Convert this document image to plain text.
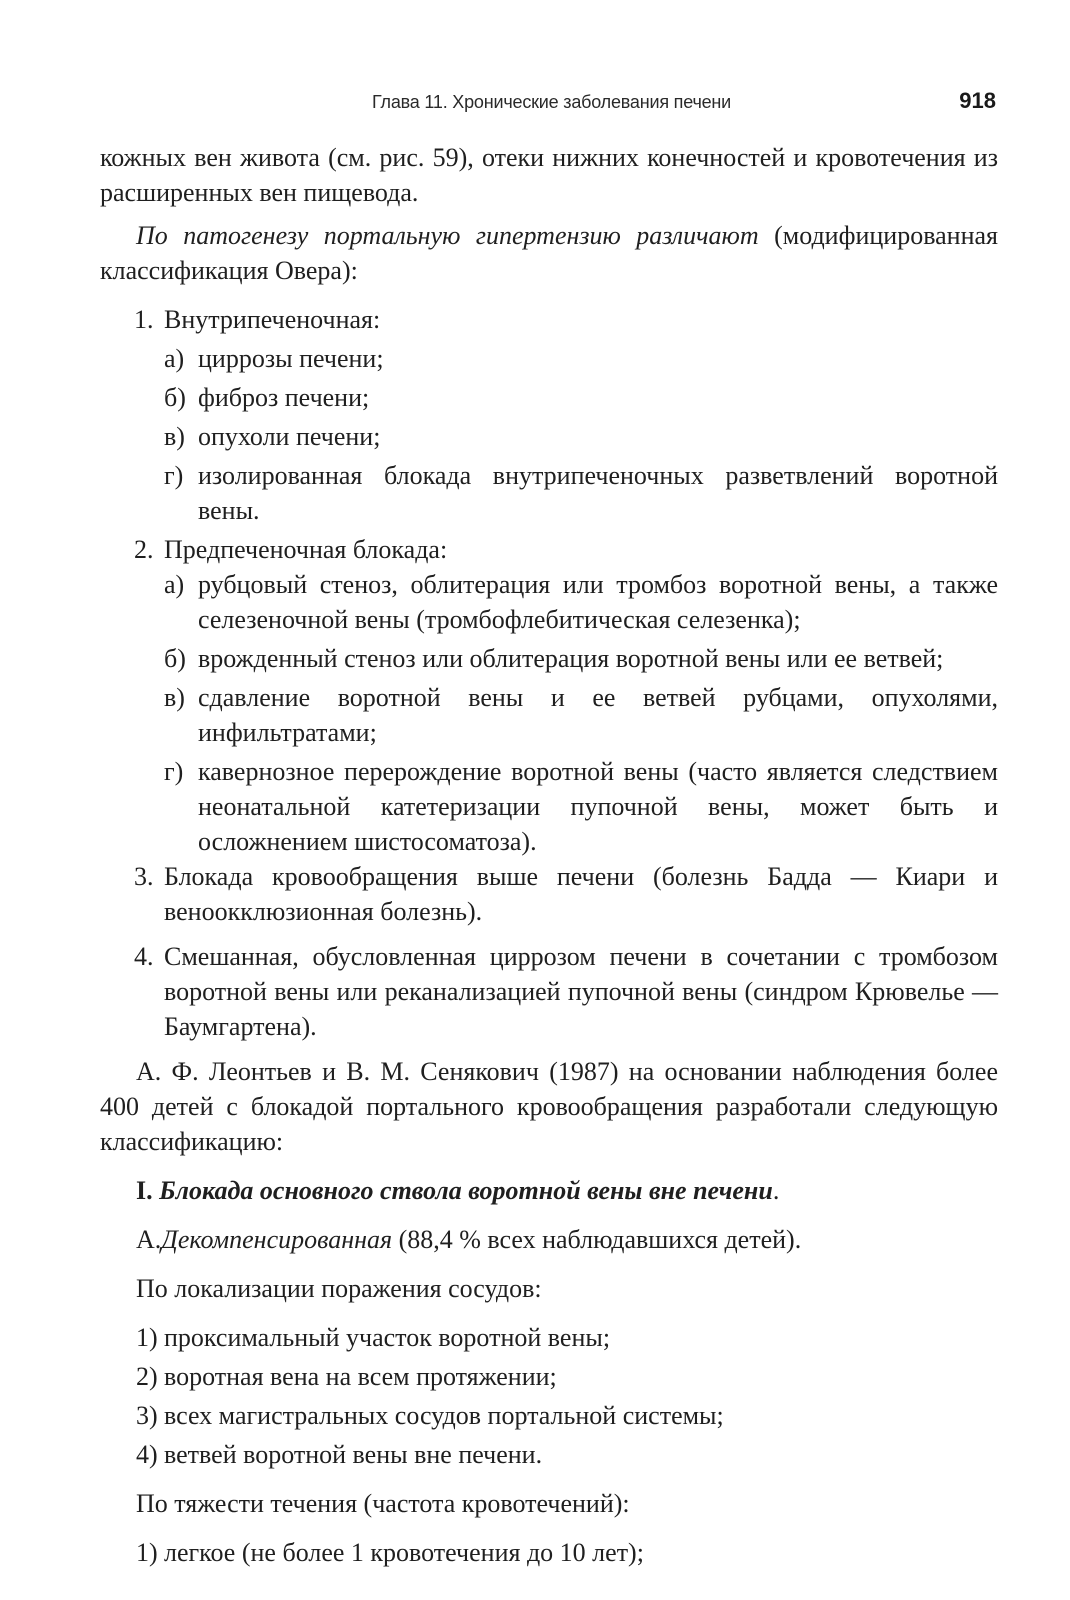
Глава 11. Хронические заболевания печени	918

кожных вен живота (см. рис. 59), отеки нижних конечностей и кровотечения из расширенных вен пищевода.

По патогенезу портальную гипертензию различают (модифицированная классификация Овера):

1. Внутрипеченочная:
а) циррозы печени;
б) фиброз печени;
в) опухоли печени;
г) изолированная блокада внутрипеченочных разветвлений воротной вены.
2. Предпеченочная блокада:
а) рубцовый стеноз, облитерация или тромбоз воротной вены, а также селезеночной вены (тромбофлебитическая селезенка);
б) врожденный стеноз или облитерация воротной вены или ее ветвей;
в) сдавление воротной вены и ее ветвей рубцами, опухолями, инфильтратами;
г) кавернозное перерождение воротной вены (часто является следствием неонатальной катетеризации пупочной вены, может быть и осложнением шистосоматоза).
3. Блокада кровообращения выше печени (болезнь Бадда — Киари и веноокклюзионная болезнь).
4. Смешанная, обусловленная циррозом печени в сочетании с тромбозом воротной вены или реканализацией пупочной вены (синдром Крювелье — Баумгартена).

А. Ф. Леонтьев и В. М. Сенякович (1987) на основании наблюдения более 400 детей с блокадой портального кровообращения разработали следующую классификацию:

I. Блокада основного ствола воротной вены вне печени.

А.Декомпенсированная (88,4 % всех наблюдавшихся детей).

По локализации поражения сосудов:

1) проксимальный участок воротной вены;
2) воротная вена на всем протяжении;
3) всех магистральных сосудов портальной системы;
4) ветвей воротной вены вне печени.

По тяжести течения (частота кровотечений):

1) легкое (не более 1 кровотечения до 10 лет);
